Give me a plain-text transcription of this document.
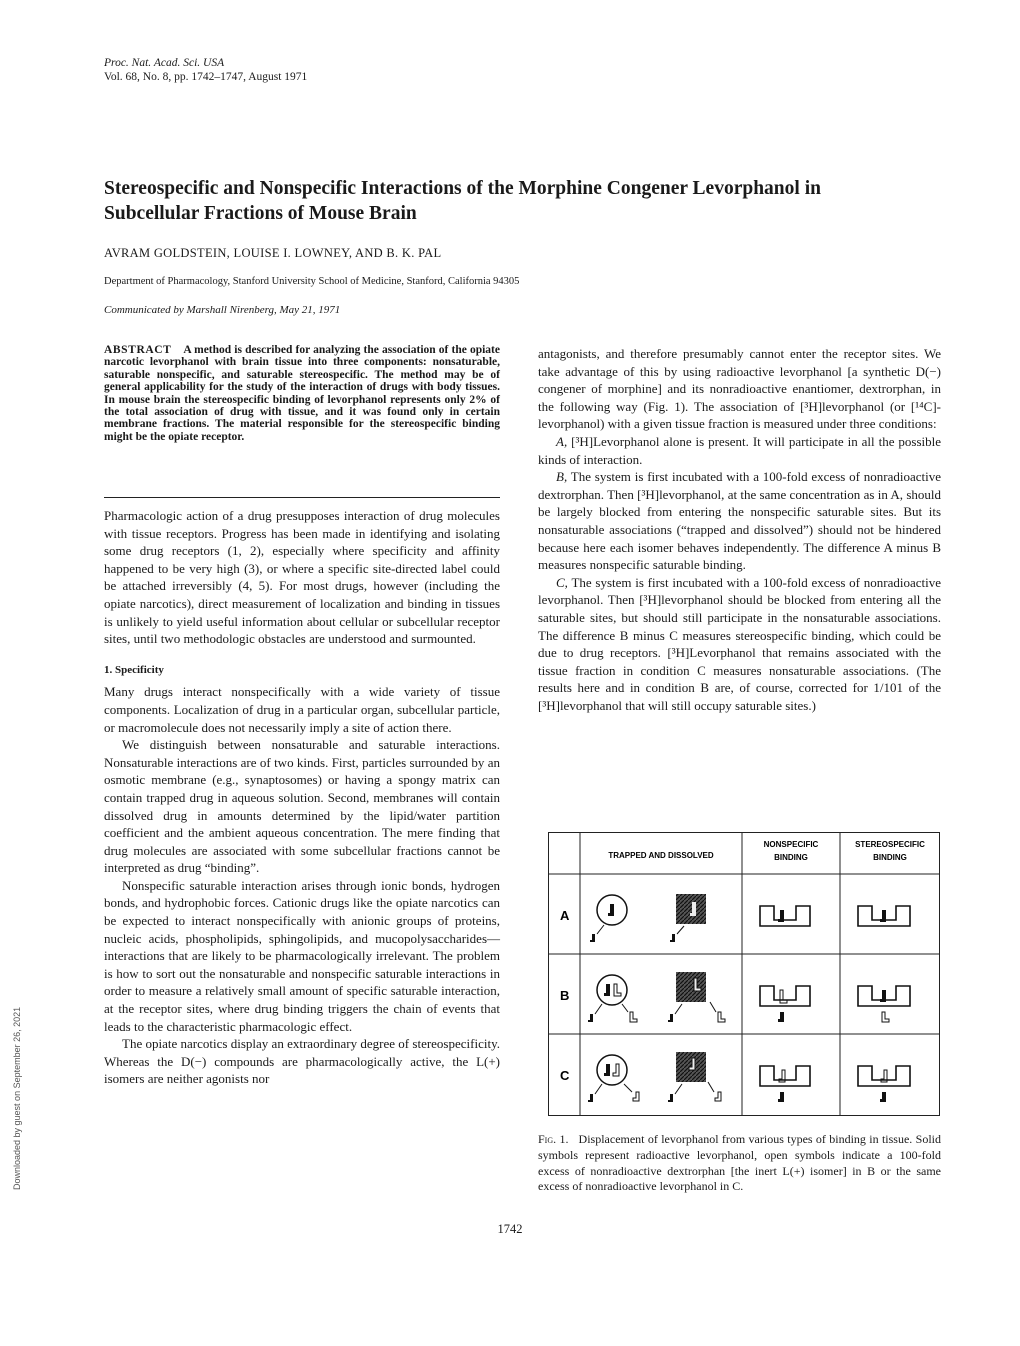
Proc. Nat. Acad. Sci. USA
Vol. 68, No. 8, pp. 1742–1747, August 1971
Stereospecific and Nonspecific Interactions of the Morphine Congener Levorphanol in Subcellular Fractions of Mouse Brain
AVRAM GOLDSTEIN, LOUISE I. LOWNEY, AND B. K. PAL
Department of Pharmacology, Stanford University School of Medicine, Stanford, California 94305
Communicated by Marshall Nirenberg, May 21, 1971
ABSTRACT A method is described for analyzing the association of the opiate narcotic levorphanol with brain tissue into three components: nonsaturable, saturable nonspecific, and saturable stereospecific. The method may be of general applicability for the study of the interaction of drugs with body tissues. In mouse brain the stereospecific binding of levorphanol represents only 2% of the total association of drug with tissue, and it was found only in certain membrane fractions. The material responsible for the stereospecific binding might be the opiate receptor.

Pharmacologic action of a drug presupposes interaction of drug molecules with tissue receptors. Progress has been made in identifying and isolating some drug receptors (1, 2), especially where specificity and affinity happened to be very high (3), or where a specific site-directed label could be attached irreversibly (4, 5). For most drugs, however (including the opiate narcotics), direct measurement of localization and binding in tissues is unlikely to yield useful information about cellular or subcellular receptor sites, until two methodologic obstacles are understood and surmounted.

1. Specificity

Many drugs interact nonspecifically with a wide variety of tissue components. Localization of drug in a particular organ, subcellular particle, or macromolecule does not necessarily imply a site of action there.

We distinguish between nonsaturable and saturable interactions. Nonsaturable interactions are of two kinds. First, particles surrounded by an osmotic membrane (e.g., synaptosomes) or having a spongy matrix can contain trapped drug in aqueous solution. Second, membranes will contain dissolved drug in amounts determined by the lipid/water partition coefficient and the ambient aqueous concentration. The mere finding that drug molecules are associated with some subcellular fractions cannot be interpreted as drug “binding”.

Nonspecific saturable interaction arises through ionic bonds, hydrogen bonds, and hydrophobic forces. Cationic drugs like the opiate narcotics can be expected to interact nonspecifically with anionic groups of proteins, nucleic acids, phospholipids, sphingolipids, and mucopolysaccharides—interactions that are likely to be pharmacologically irrelevant. The problem is how to sort out the nonsaturable and nonspecific saturable interactions in order to measure a relatively small amount of specific saturable interaction, at the receptor sites, where drug binding triggers the chain of events that leads to the characteristic pharmacologic effect.

The opiate narcotics display an extraordinary degree of stereospecificity. Whereas the D(−) compounds are pharmacologically active, the L(+) isomers are neither agonists nor

antagonists, and therefore presumably cannot enter the receptor sites. We take advantage of this by using radioactive levorphanol [a synthetic D(−) congener of morphine] and its nonradioactive enantiomer, dextrorphan, in the following way (Fig. 1). The association of [³H]levorphanol (or [¹⁴C]-levorphanol) with a given tissue fraction is measured under three conditions:

A, [³H]Levorphanol alone is present. It will participate in all the possible kinds of interaction.

B, The system is first incubated with a 100-fold excess of nonradioactive dextrorphan. Then [³H]levorphanol, at the same concentration as in A, should be largely blocked from entering the nonspecific saturable sites. But its nonsaturable associations (“trapped and dissolved”) should not be hindered because here each isomer behaves independently. The difference A minus B measures nonspecific saturable binding.

C, The system is first incubated with a 100-fold excess of nonradioactive levorphanol. Then [³H]levorphanol should be blocked from entering all the saturable sites, but should still participate in the nonsaturable associations. The difference B minus C measures stereospecific binding, which could be due to drug receptors. [³H]Levorphanol that remains associated with the tissue fraction in condition C measures nonsaturable associations. (The results here and in condition B are, of course, corrected for 1/101 of the [³H]levorphanol that will still occupy saturable sites.)

TRAPPED AND DISSOLVED
NONSPECIFIC
BINDING
STEREOSPECIFIC
BINDING
A
B
C
Fig. 1. Displacement of levorphanol from various types of binding in tissue. Solid symbols represent radioactive levorphanol, open symbols indicate a 100-fold excess of nonradioactive dextrorphan [the inert L(+) isomer] in B or the same excess of nonradioactive levorphanol in C.
1742
Downloaded by guest on September 26, 2021
